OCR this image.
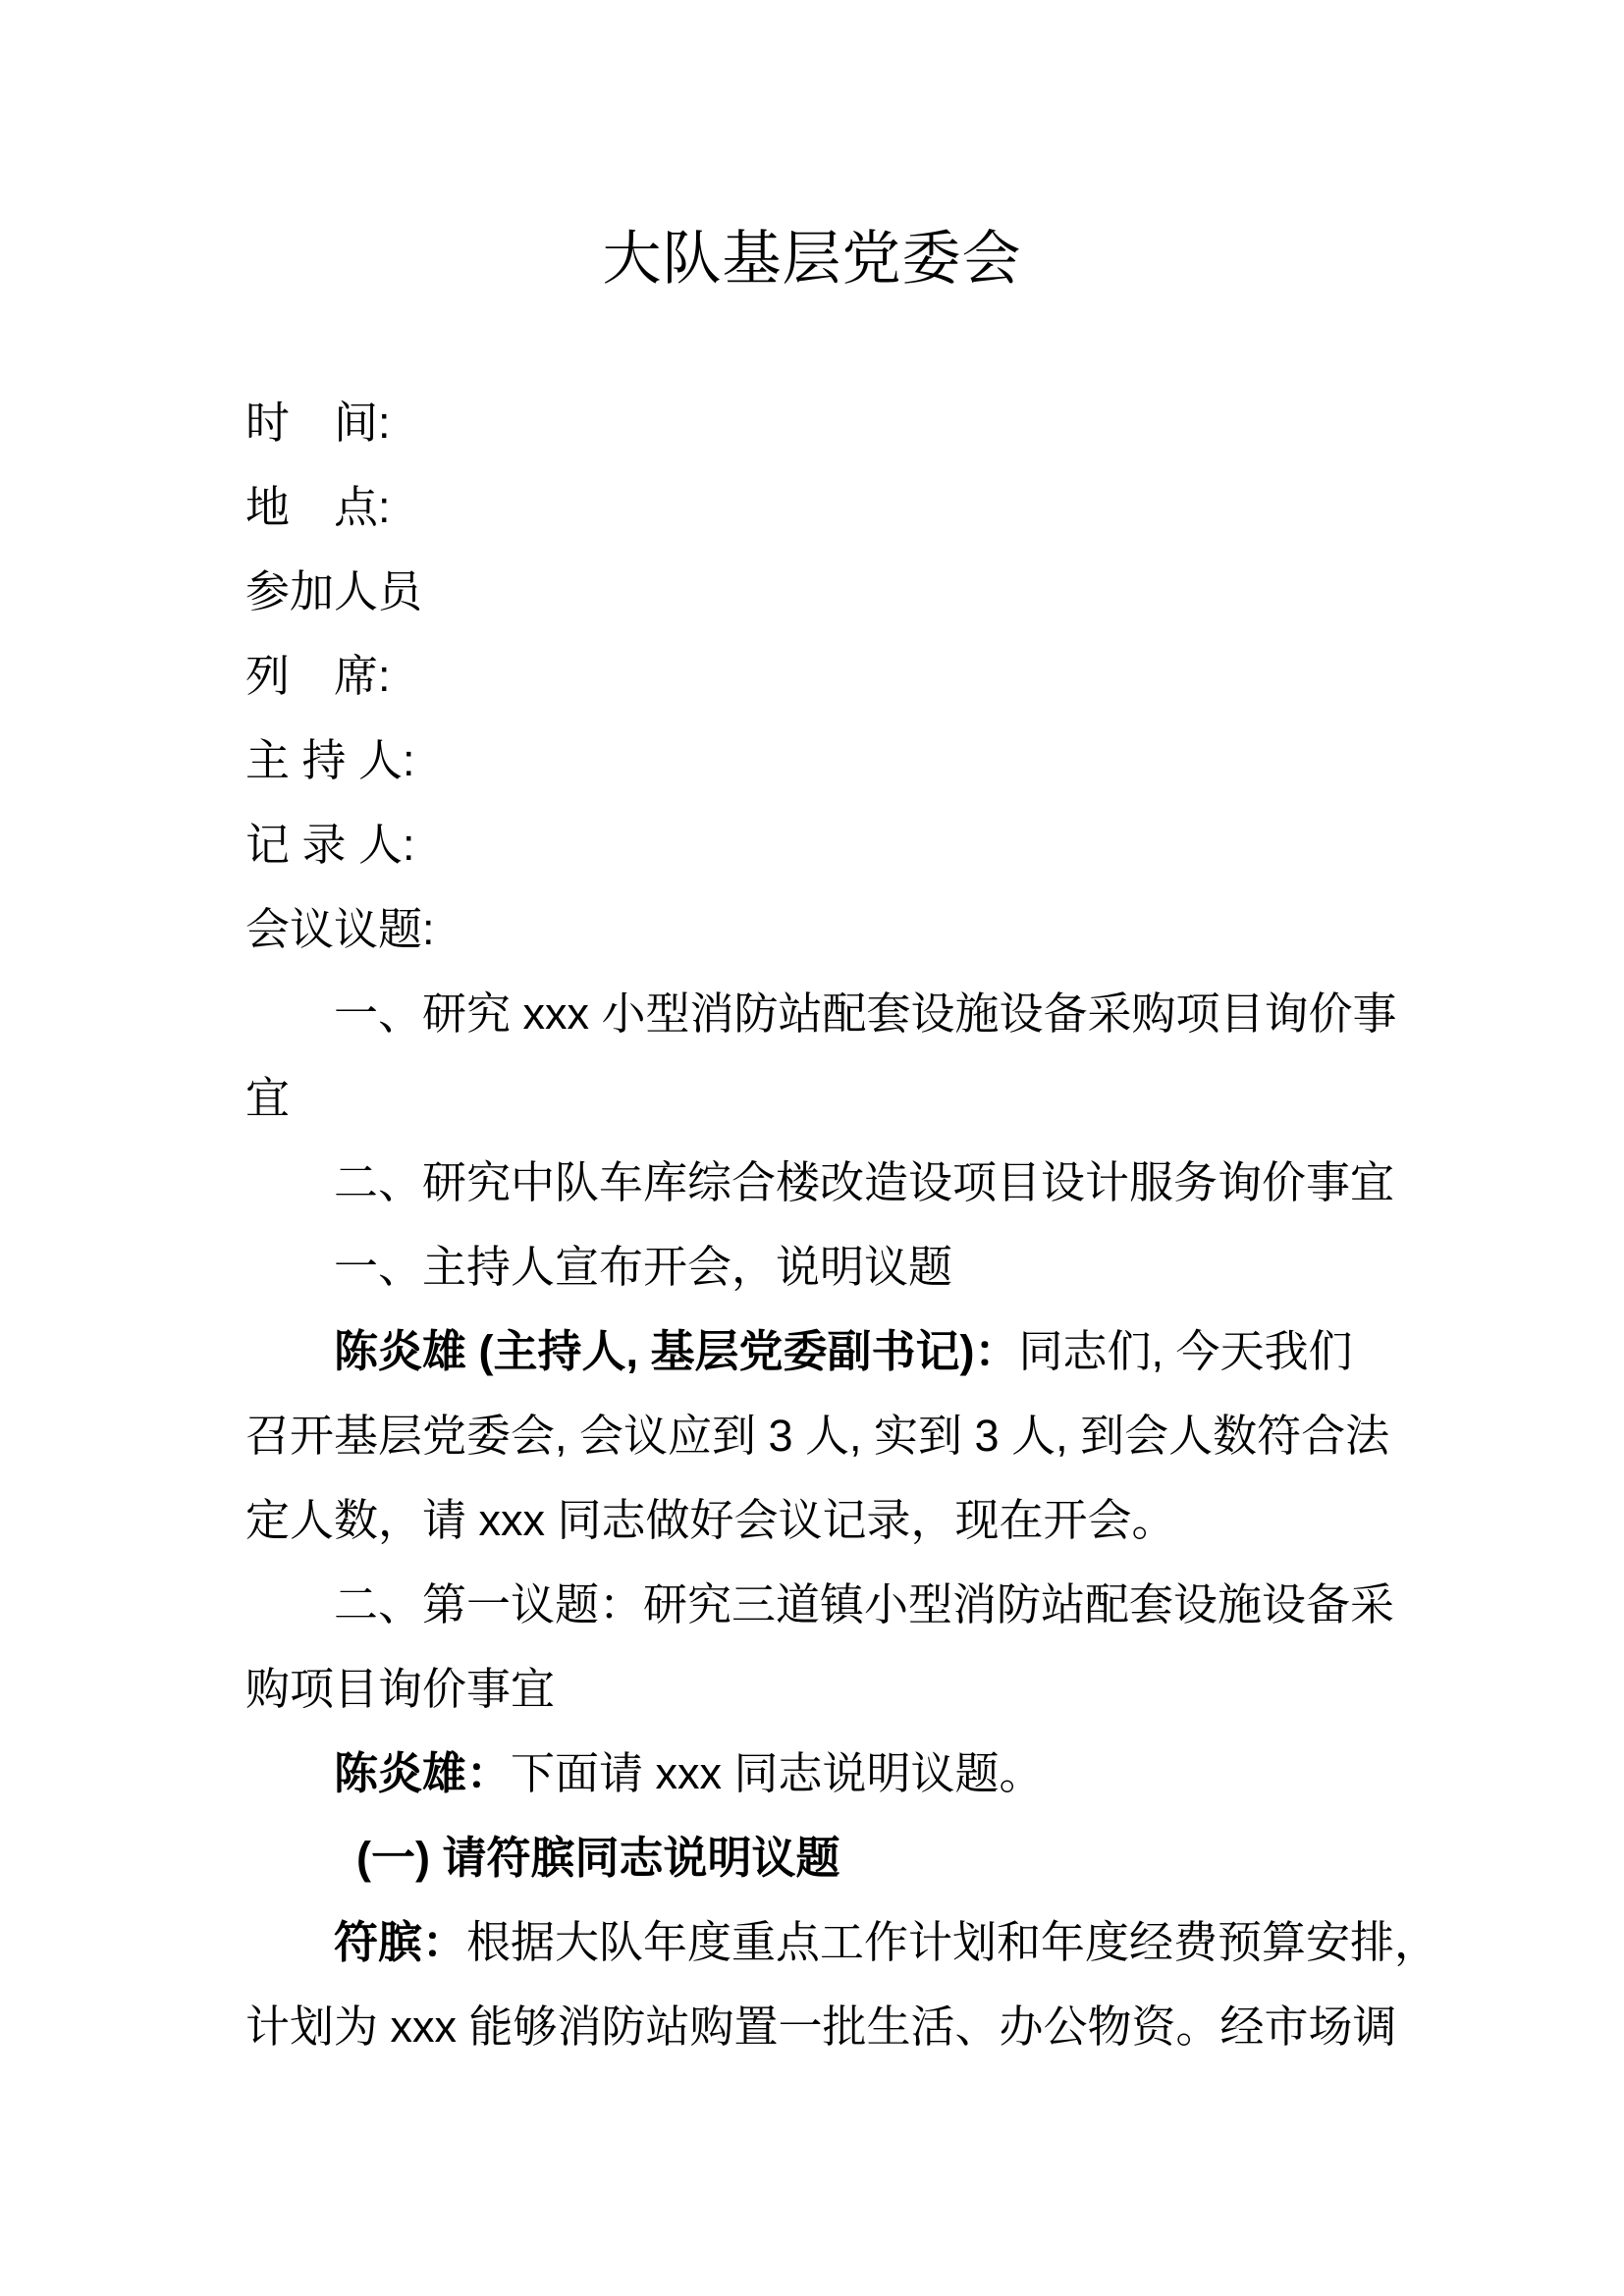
大队基层党委会
时　间:
地　点:
参加人员
列　席:
主 持 人:
记 录 人:
会议议题:
一、研究 xxx 小型消防站配套设施设备采购项目询价事
宜
二、研究中队车库综合楼改造设项目设计服务询价事宜
一、主持人宣布开会，说明议题
陈炎雄 (主持人, 基层党委副书记)：同志们, 今天我们
召开基层党委会, 会议应到 3 人, 实到 3 人, 到会人数符合法
定人数，请 xxx 同志做好会议记录，现在开会。
二、第一议题：研究三道镇小型消防站配套设施设备采
购项目询价事宜
陈炎雄：下面请 xxx 同志说明议题。
(一) 请符膑同志说明议题
符膑：根据大队年度重点工作计划和年度经费预算安排，
计划为 xxx 能够消防站购置一批生活、办公物资。经市场调
